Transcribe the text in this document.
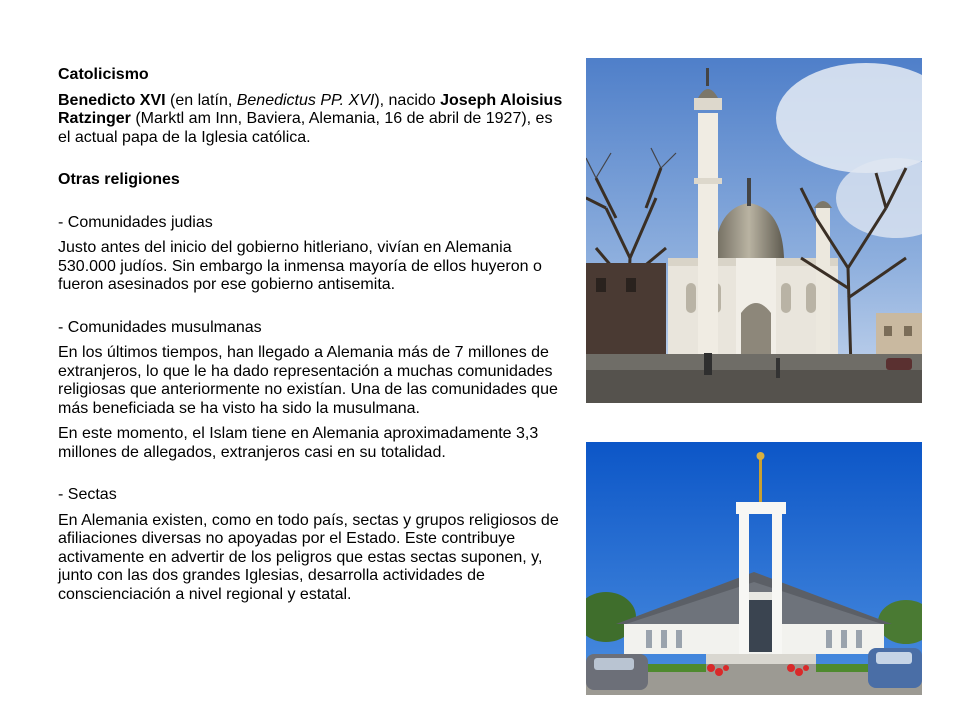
Catolicismo

Benedicto XVI (en latín, Benedictus PP. XVI), nacido Joseph Aloisius Ratzinger (Marktl am Inn, Baviera, Alemania, 16 de abril de 1927), es el actual papa de la Iglesia católica.

Otras religiones

- Comunidades judias

Justo antes del inicio del gobierno hitleriano, vivían en Alemania 530.000 judíos. Sin embargo la inmensa mayoría de ellos huyeron o fueron asesinados por ese gobierno antisemita.

- Comunidades musulmanas

En los últimos tiempos, han llegado a Alemania más de 7 millones de extranjeros, lo que le ha dado representación a muchas comunidades religiosas que anteriormente no existían. Una de las comunidades que más beneficiada se ha visto ha sido la musulmana.

En este momento, el Islam tiene en Alemania aproximadamente 3,3 millones de allegados, extranjeros casi en su totalidad.

- Sectas

En Alemania existen, como en todo país, sectas y grupos religiosos de afiliaciones diversas no apoyadas por el Estado. Este contribuye activamente en advertir de los peligros que estas sectas suponen, y, junto con las dos grandes Iglesias, desarrolla actividades de conscienciación a nivel regional y estatal.
